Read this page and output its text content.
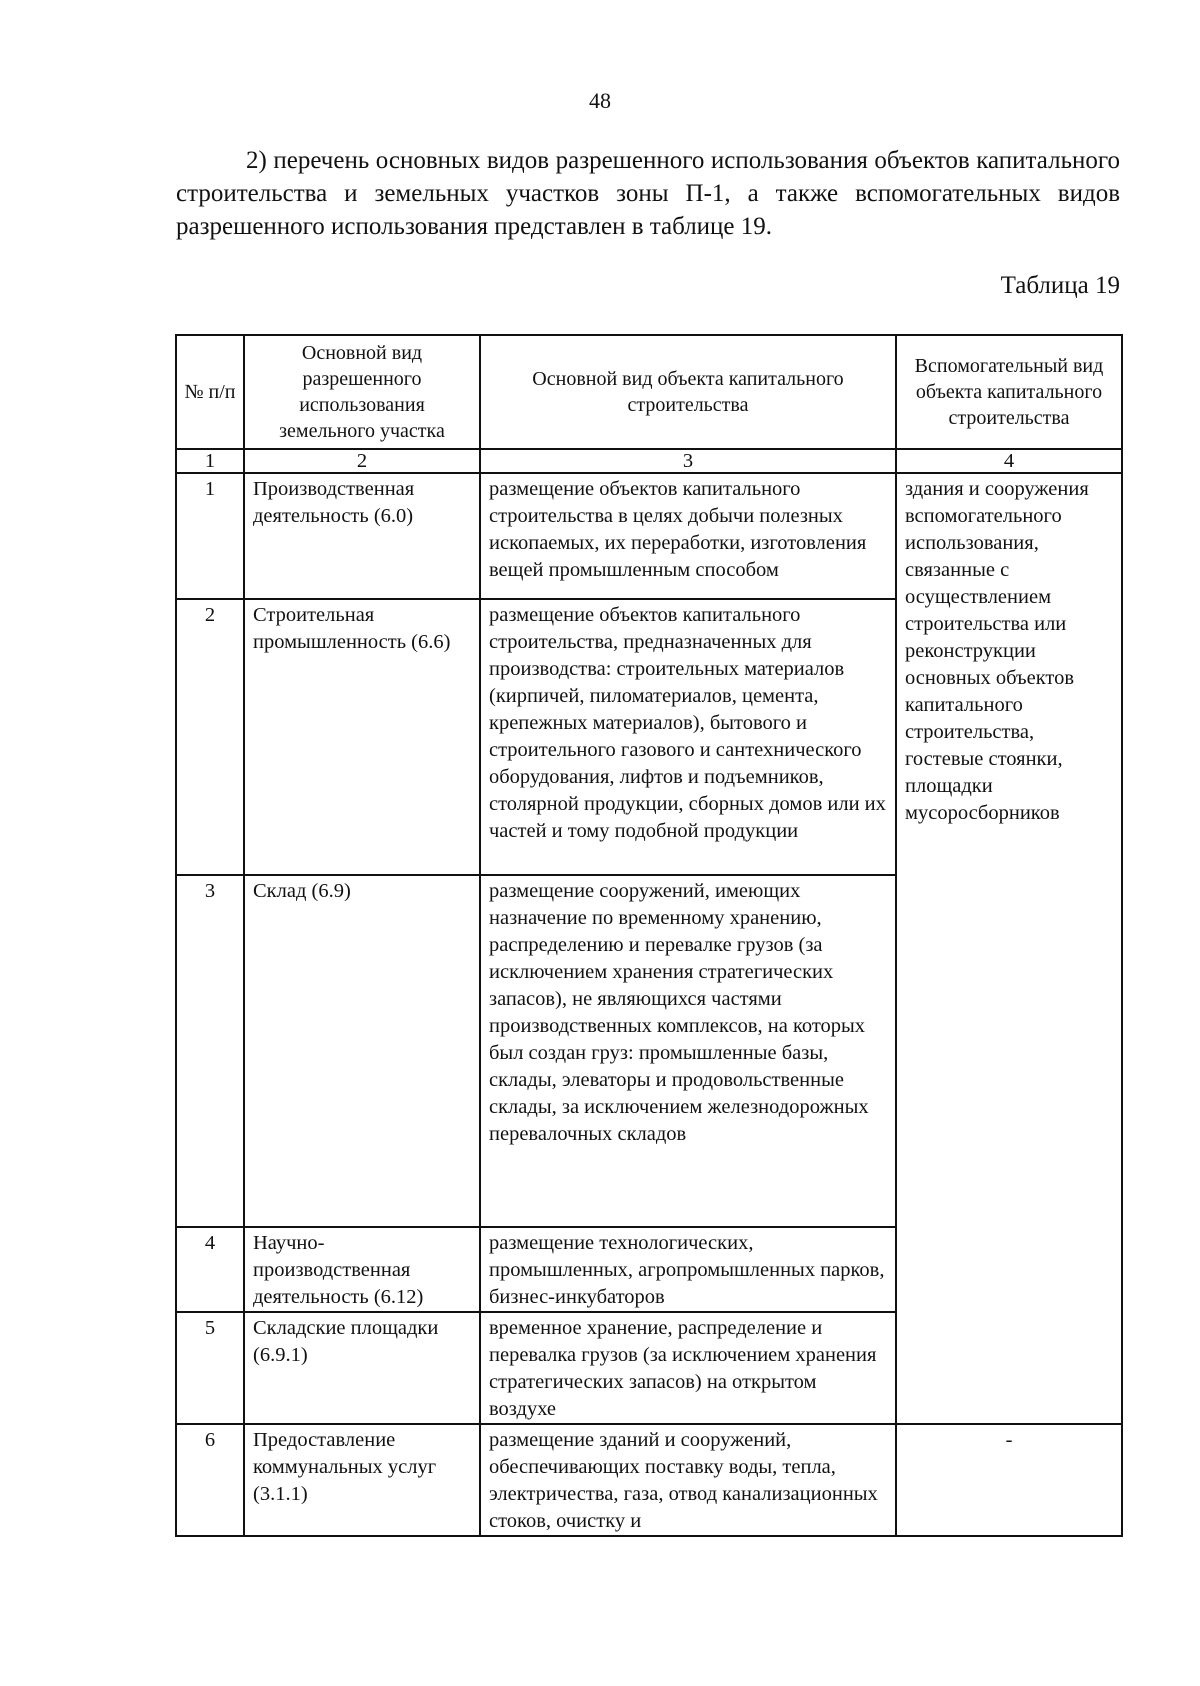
48

2) перечень основных видов разрешенного использования объектов капитального строительства и земельных участков зоны П-1, а также вспомогательных видов разрешенного использования представлен в таблице 19.

Таблица 19
№ п/п	Основной вид разрешенного использования земельного участка	Основной вид объекта капитального строительства	Вспомогательный вид объекта капитального строительства
1	2	3	4
1	Производственная деятельность (6.0)	размещение объектов капитального строительства в целях добычи полезных ископаемых, их переработки, изготовления вещей промышленным способом	здания и сооружения вспомогательного использования, связанные с осуществлением строительства или реконструкции основных объектов капитального строительства, гостевые стоянки, площадки мусоросборников
2	Строительная промышленность (6.6)	размещение объектов капитального строительства, предназначенных для производства: строительных материалов (кирпичей, пиломатериалов, цемента, крепежных материалов), бытового и строительного газового и сантехнического оборудования, лифтов и подъемников, столярной продукции, сборных домов или их частей и тому подобной продукции	
3	Склад (6.9)	размещение сооружений, имеющих назначение по временному хранению, распределению и перевалке грузов (за исключением хранения стратегических запасов), не являющихся частями производственных комплексов, на которых был создан груз: промышленные базы, склады, элеваторы и продовольственные склады, за исключением железнодорожных перевалочных складов	
4	Научно-производственная деятельность (6.12)	размещение технологических, промышленных, агропромышленных парков, бизнес-инкубаторов	
5	Складские площадки (6.9.1)	временное хранение, распределение и перевалка грузов (за исключением хранения стратегических запасов) на открытом воздухе	
6	Предоставление коммунальных услуг (3.1.1)	размещение зданий и сооружений, обеспечивающих поставку воды, тепла, электричества, газа, отвод канализационных стоков, очистку и	-
